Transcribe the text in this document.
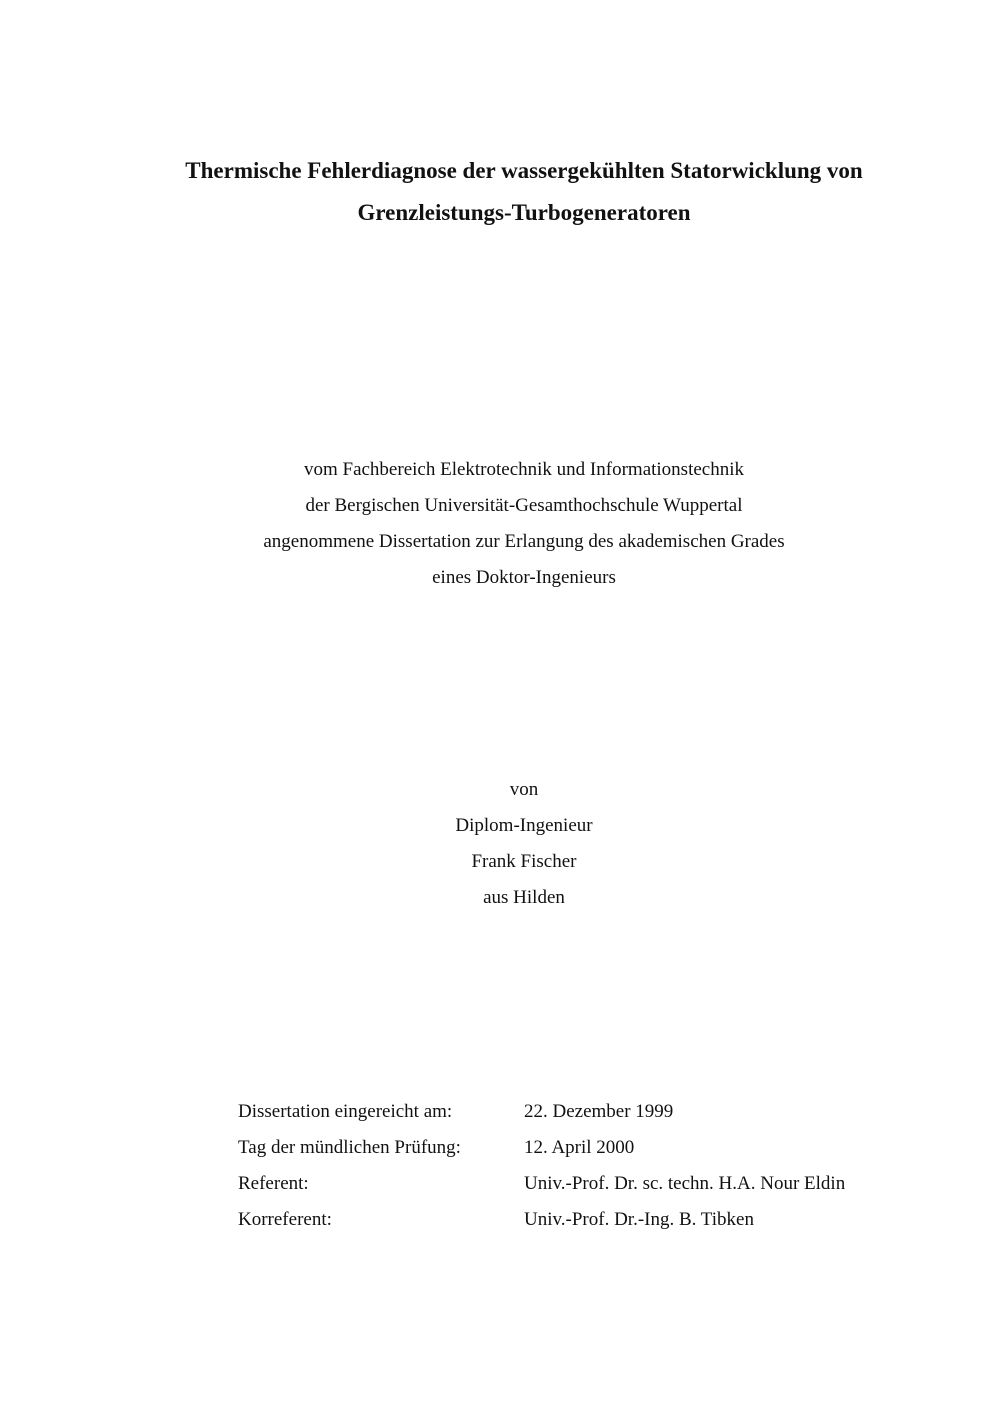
Thermische Fehlerdiagnose der wassergekühlten Statorwicklung von
Grenzleistungs-Turbogeneratoren
vom Fachbereich Elektrotechnik und Informationstechnik
der Bergischen Universität-Gesamthochschule Wuppertal
angenommene Dissertation zur Erlangung des akademischen Grades
eines Doktor-Ingenieurs
von
Diplom-Ingenieur
Frank Fischer
aus Hilden
Dissertation eingereicht am:	22. Dezember 1999
Tag der mündlichen Prüfung:	12. April 2000
Referent:	Univ.-Prof. Dr. sc. techn. H.A. Nour Eldin
Korreferent:	Univ.-Prof. Dr.-Ing. B. Tibken
